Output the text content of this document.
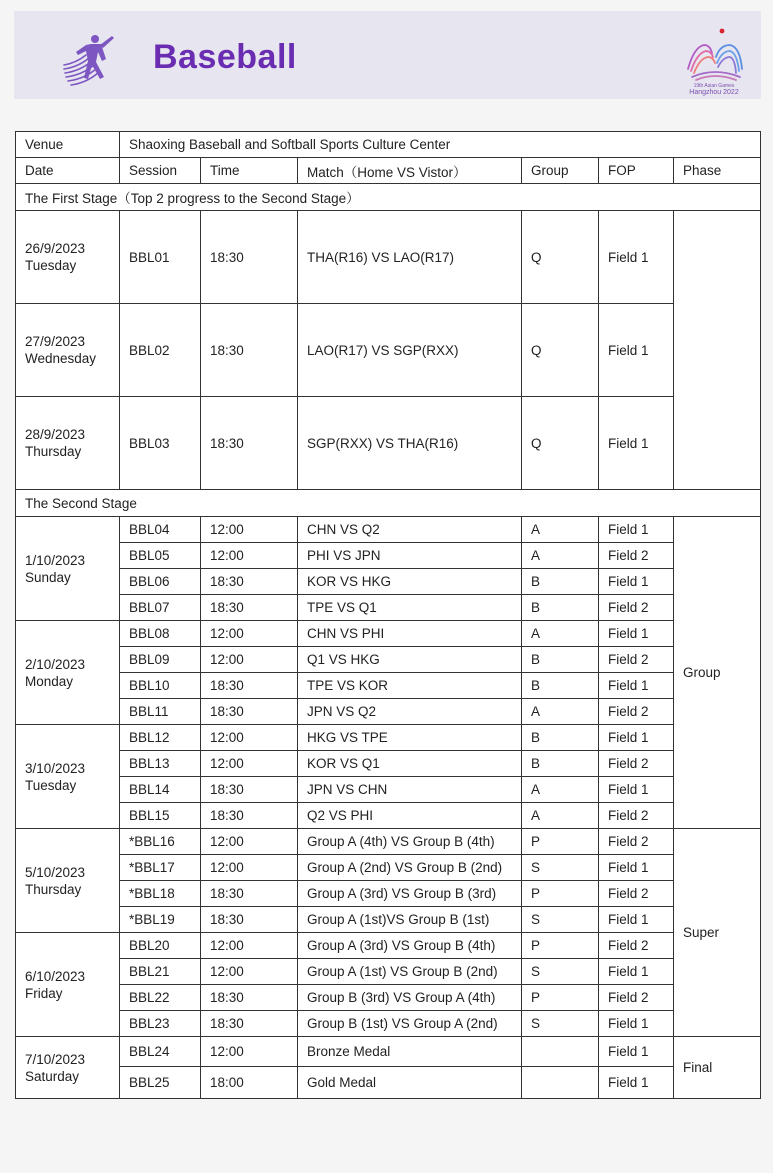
Baseball
19th Asian Games
Hangzhou 2022
Venue	Shaoxing Baseball and Softball Sports Culture Center					
Date	Session	Time	Match（Home VS Vistor）	Group	FOP	Phase
The First Stage（Top 2 progress to the Second Stage）						

26/9/2023
Tuesday	BBL01	18:30	THA(R16) VS LAO(R17)	Q	Field 1	

27/9/2023
Wednesday	BBL02	18:30	LAO(R17) VS SGP(RXX)	Q	Field 1	

28/9/2023
Thursday	BBL03	18:30	SGP(RXX) VS THA(R16)	Q	Field 1	
The Second Stage						

1/10/2023
Sunday	BBL04	12:00	CHN VS Q2	A	Field 1	Group
	BBL05	12:00	PHI VS JPN	A	Field 2	
	BBL06	18:30	KOR VS HKG	B	Field 1	
	BBL07	18:30	TPE VS Q1	B	Field 2	

2/10/2023
Monday	BBL08	12:00	CHN VS PHI	A	Field 1	
	BBL09	12:00	Q1 VS HKG	B	Field 2	
	BBL10	18:30	TPE VS KOR	B	Field 1	
	BBL11	18:30	JPN VS Q2	A	Field 2	

3/10/2023
Tuesday	BBL12	12:00	HKG VS TPE	B	Field 1	
	BBL13	12:00	KOR VS Q1	B	Field 2	
	BBL14	18:30	JPN VS CHN	A	Field 1	
	BBL15	18:30	Q2 VS PHI	A	Field 2	

5/10/2023
Thursday	*BBL16	12:00	Group A (4th) VS Group B (4th)	P	Field 2	Super
	*BBL17	12:00	Group A (2nd) VS Group B (2nd)	S	Field 1	
	*BBL18	18:30	Group A (3rd) VS Group B (3rd)	P	Field 2	
	*BBL19	18:30	Group A (1st)VS Group B (1st)	S	Field 1	

6/10/2023
Friday	BBL20	12:00	Group A (3rd) VS Group B (4th)	P	Field 2	
	BBL21	12:00	Group A (1st) VS Group B (2nd)	S	Field 1	
	BBL22	18:30	Group B (3rd) VS Group A (4th)	P	Field 2	
	BBL23	18:30	Group B (1st) VS Group A (2nd)	S	Field 1	

7/10/2023
Saturday	BBL24	12:00	Bronze Medal		Field 1	Final
	BBL25	18:00	Gold Medal		Field 1	
